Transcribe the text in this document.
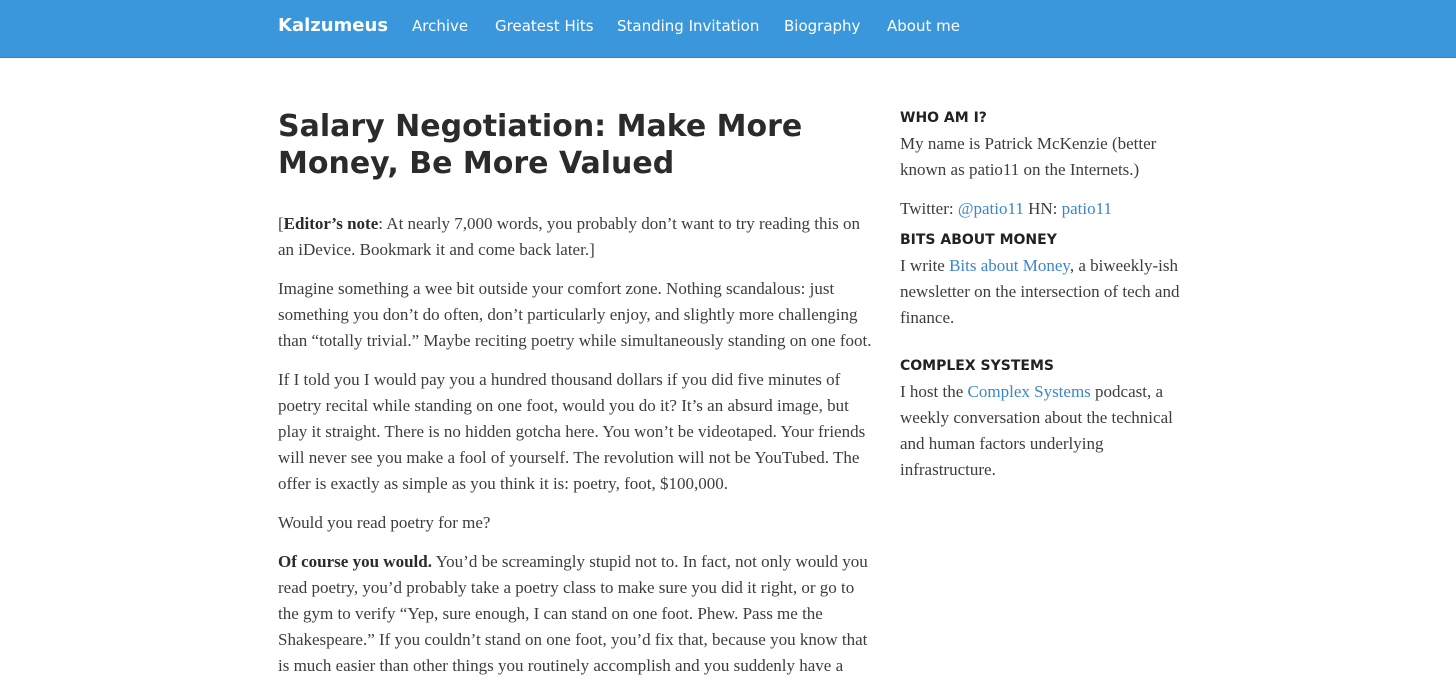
Kalzumeus Archive Greatest Hits Standing Invitation Biography About me
Salary Negotiation: Make More Money, Be More Valued

[Editor’s note: At nearly 7,000 words, you probably don’t want to try reading this on an iDevice. Bookmark it and come back later.]

Imagine something a wee bit outside your comfort zone. Nothing scandalous: just something you don’t do often, don’t particularly enjoy, and slightly more challenging than “totally trivial.” Maybe reciting poetry while simultaneously standing on one foot.

If I told you I would pay you a hundred thousand dollars if you did five minutes of poetry recital while standing on one foot, would you do it? It’s an absurd image, but play it straight. There is no hidden gotcha here. You won’t be videotaped. Your friends will never see you make a fool of yourself. The revolution will not be YouTubed. The offer is exactly as simple as you think it is: poetry, foot, $100,000.

Would you read poetry for me?

Of course you would. You’d be screamingly stupid not to. In fact, not only would you read poetry, you’d probably take a poetry class to make sure you did it right, or go to the gym to verify “Yep, sure enough, I can stand on one foot. Phew. Pass me the Shakespeare.” If you couldn’t stand on one foot, you’d fix that, because you know that is much easier than other things you routinely accomplish and you suddenly have a

WHO AM I?

My name is Patrick McKenzie (better known as patio11 on the Internets.)

Twitter: @patio11 HN: patio11

BITS ABOUT MONEY

I write Bits about Money, a biweekly-ish newsletter on the intersection of tech and finance.

COMPLEX SYSTEMS

I host the Complex Systems podcast, a weekly conversation about the technical and human factors underlying infrastructure.
